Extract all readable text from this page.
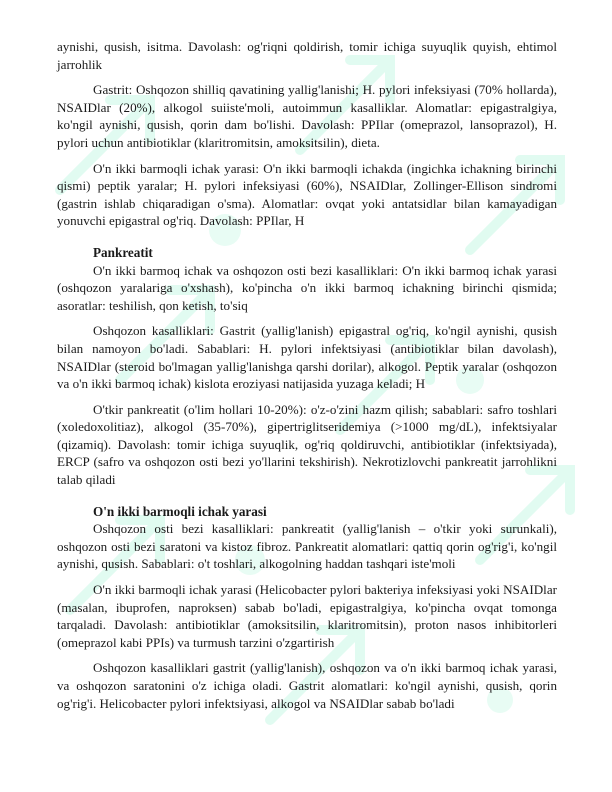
aynishi, qusish, isitma. Davolash: og'riqni qoldirish, tomir ichiga suyuqlik quyish, ehtimol jarrohlik

Gastrit: Oshqozon shilliq qavatining yallig'lanishi; H. pylori infeksiyasi (70% hollarda), NSAIDlar (20%), alkogol suiiste'moli, autoimmun kasalliklar. Alomatlar: epigastralgiya, ko'ngil aynishi, qusish, qorin dam bo'lishi. Davolash: PPIlar (omeprazol, lansoprazol), H. pylori uchun antibiotiklar (klaritromitsin, amoksitsilin), dieta.

O'n ikki barmoqli ichak yarasi: O'n ikki barmoqli ichakda (ingichka ichakning birinchi qismi) peptik yaralar; H. pylori infeksiyasi (60%), NSAIDlar, Zollinger-Ellison sindromi (gastrin ishlab chiqaradigan o'sma). Alomatlar: ovqat yoki antatsidlar bilan kamayadigan yonuvchi epigastral og'riq. Davolash: PPIlar, H

Pankreatit

O'n ikki barmoq ichak va oshqozon osti bezi kasalliklari: O'n ikki barmoq ichak yarasi (oshqozon yaralariga o'xshash), ko'pincha o'n ikki barmoq ichakning birinchi qismida; asoratlar: teshilish, qon ketish, to'siq

Oshqozon kasalliklari: Gastrit (yallig'lanish) epigastral og'riq, ko'ngil aynishi, qusish bilan namoyon bo'ladi. Sabablari: H. pylori infektsiyasi (antibiotiklar bilan davolash), NSAIDlar (steroid bo'lmagan yallig'lanishga qarshi dorilar), alkogol. Peptik yaralar (oshqozon va o'n ikki barmoq ichak) kislota eroziyasi natijasida yuzaga keladi; H

O'tkir pankreatit (o'lim hollari 10-20%): o'z-o'zini hazm qilish; sabablari: safro toshlari (xoledoxolitiaz), alkogol (35-70%), gipertriglitseridemiya (>1000 mg/dL), infektsiyalar (qizamiq). Davolash: tomir ichiga suyuqlik, og'riq qoldiruvchi, antibiotiklar (infektsiyada), ERCP (safro va oshqozon osti bezi yo'llarini tekshirish). Nekrotizlovchi pankreatit jarrohlikni talab qiladi

O'n ikki barmoqli ichak yarasi

Oshqozon osti bezi kasalliklari: pankreatit (yallig'lanish – o'tkir yoki surunkali), oshqozon osti bezi saratoni va kistoz fibroz. Pankreatit alomatlari: qattiq qorin og'rig'i, ko'ngil aynishi, qusish. Sabablari: o't toshlari, alkogolning haddan tashqari iste'moli

O'n ikki barmoqli ichak yarasi (Helicobacter pylori bakteriya infeksiyasi yoki NSAIDlar (masalan, ibuprofen, naproksen) sabab bo'ladi, epigastralgiya, ko'pincha ovqat tomonga tarqaladi. Davolash: antibiotiklar (amoksitsilin, klaritromitsin), proton nasos inhibitorleri (omeprazol kabi PPIs) va turmush tarzini o'zgartirish

Oshqozon kasalliklari gastrit (yallig'lanish), oshqozon va o'n ikki barmoq ichak yarasi, va oshqozon saratonini o'z ichiga oladi. Gastrit alomatlari: ko'ngil aynishi, qusish, qorin og'rig'i. Helicobacter pylori infektsiyasi, alkogol va NSAIDlar sabab bo'ladi
